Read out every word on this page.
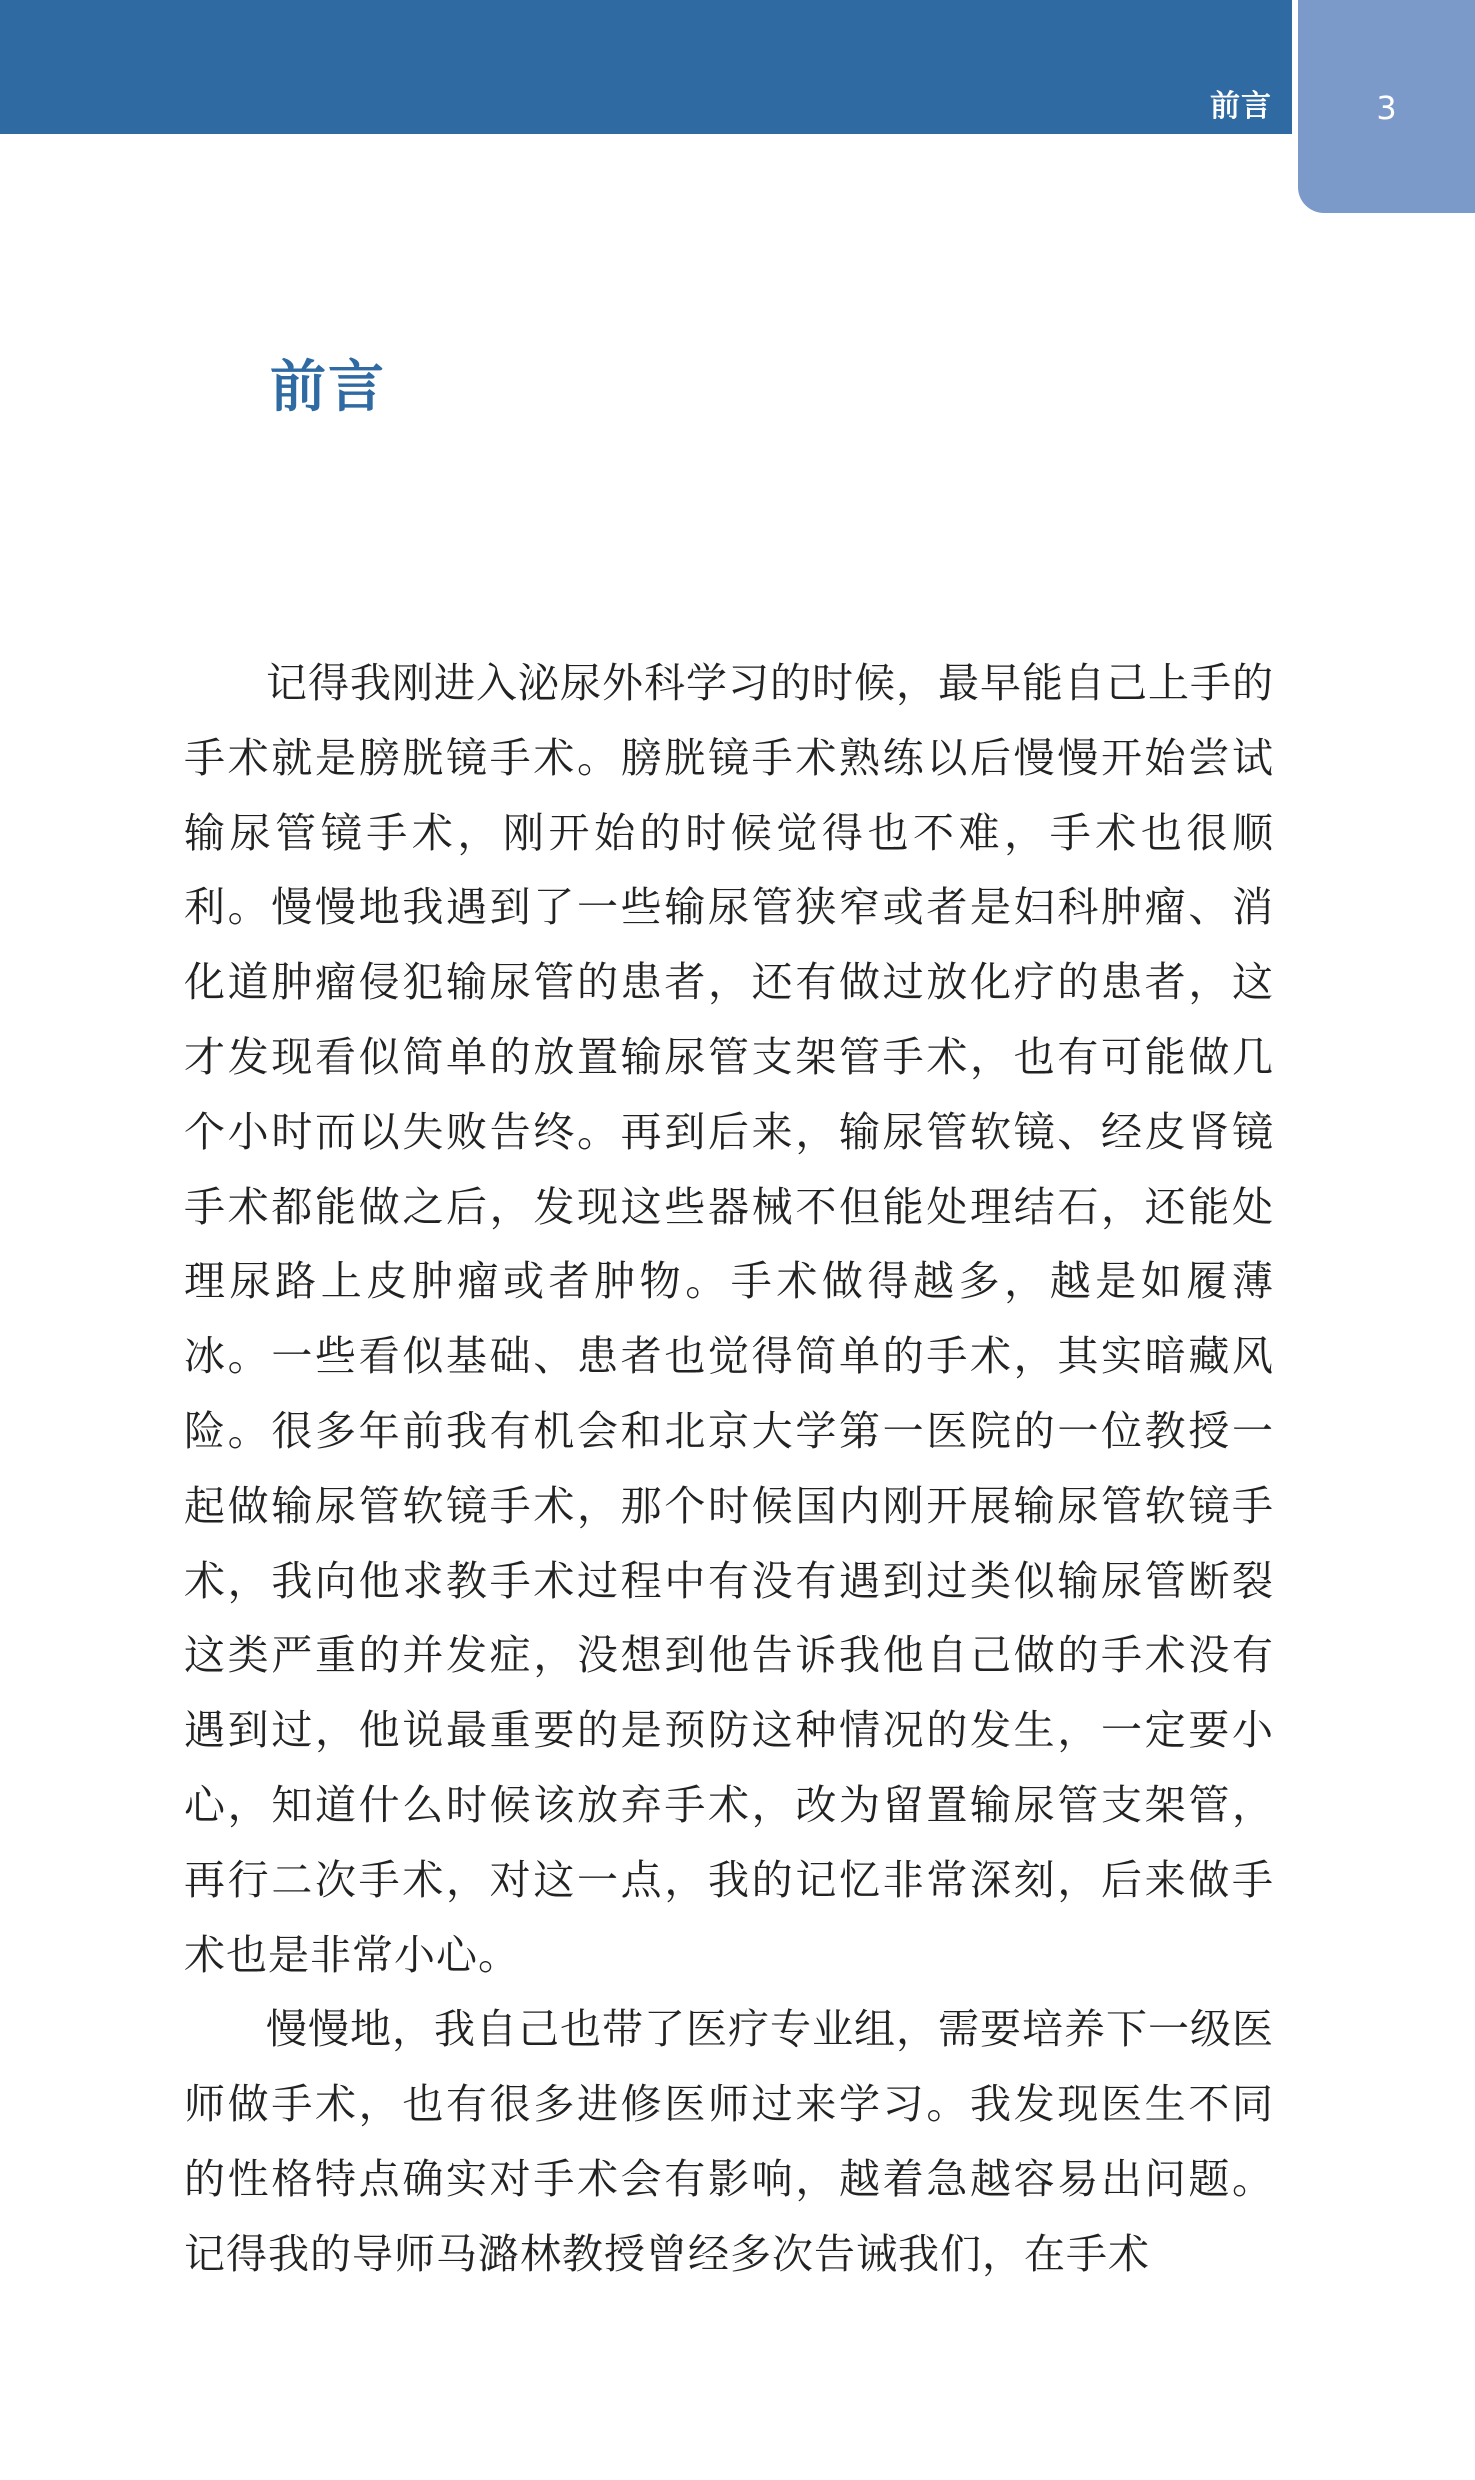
前言	3
前言

记得我刚进入泌尿外科学习的时候，最早能自己上手的手术就是膀胱镜手术。膀胱镜手术熟练以后慢慢开始尝试输尿管镜手术，刚开始的时候觉得也不难，手术也很顺利。慢慢地我遇到了一些输尿管狭窄或者是妇科肿瘤、消化道肿瘤侵犯输尿管的患者，还有做过放化疗的患者，这才发现看似简单的放置输尿管支架管手术，也有可能做几个小时而以失败告终。再到后来，输尿管软镜、经皮肾镜手术都能做之后，发现这些器械不但能处理结石，还能处理尿路上皮肿瘤或者肿物。手术做得越多，越是如履薄冰。一些看似基础、患者也觉得简单的手术，其实暗藏风险。很多年前我有机会和北京大学第一医院的一位教授一起做输尿管软镜手术，那个时候国内刚开展输尿管软镜手术，我向他求教手术过程中有没有遇到过类似输尿管断裂这类严重的并发症，没想到他告诉我他自己做的手术没有遇到过，他说最重要的是预防这种情况的发生，一定要小心，知道什么时候该放弃手术，改为留置输尿管支架管，再行二次手术，对这一点，我的记忆非常深刻，后来做手术也是非常小心。

慢慢地，我自己也带了医疗专业组，需要培养下一级医师做手术，也有很多进修医师过来学习。我发现医生不同的性格特点确实对手术会有影响，越着急越容易出问题。记得我的导师马潞林教授曾经多次告诫我们，在手术
